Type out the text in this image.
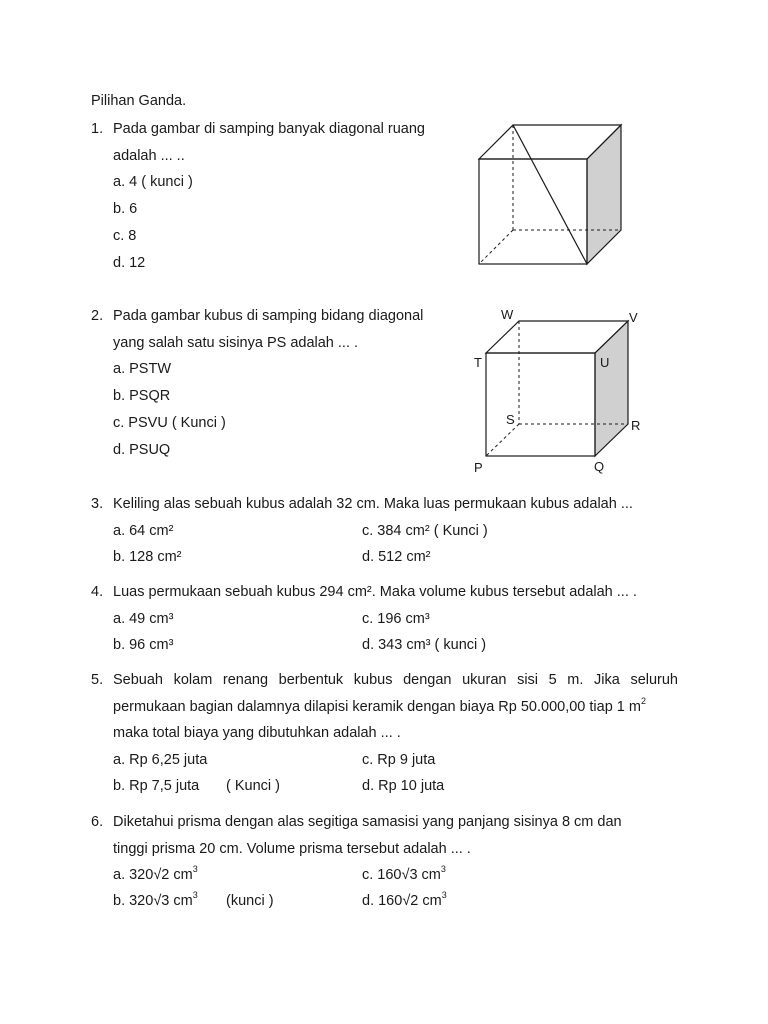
Pilihan Ganda.
1. Pada gambar di samping banyak diagonal ruang
adalah ... ..
a. 4 ( kunci )
b. 6
c. 8
d. 12
2. Pada gambar kubus di samping bidang diagonal
yang salah satu sisinya PS adalah ... .
a. PSTW
b. PSQR
c. PSVU ( Kunci )
d. PSUQ
W	V
T	U
S	R
P	Q
3. Keliling alas sebuah kubus adalah 32 cm. Maka luas permukaan kubus adalah ...
a. 64 cm²	c. 384 cm² ( Kunci )
b. 128 cm²	d. 512 cm²
4. Luas permukaan sebuah kubus 294 cm². Maka volume kubus tersebut adalah ... .
a. 49 cm³	c. 196 cm³
b. 96 cm³	d. 343 cm³ ( kunci )
5. Sebuah kolam renang berbentuk kubus dengan ukuran sisi 5 m. Jika seluruh
permukaan bagian dalamnya dilapisi keramik dengan biaya Rp 50.000,00 tiap 1 $m^2$
maka total biaya yang dibutuhkan adalah ... .
a. Rp 6,25 juta	c. Rp 9 juta
b. Rp 7,5 juta ( Kunci )	d. Rp 10 juta
6. Diketahui prisma dengan alas segitiga samasisi yang panjang sisinya 8 cm dan
tinggi prisma 20 cm. Volume prisma tersebut adalah ... .
a. 320√2 $cm^3$	c. 160√3 $cm^3$
b. 320√3 $cm^3$ (kunci )	d. 160√2 $cm^3$
